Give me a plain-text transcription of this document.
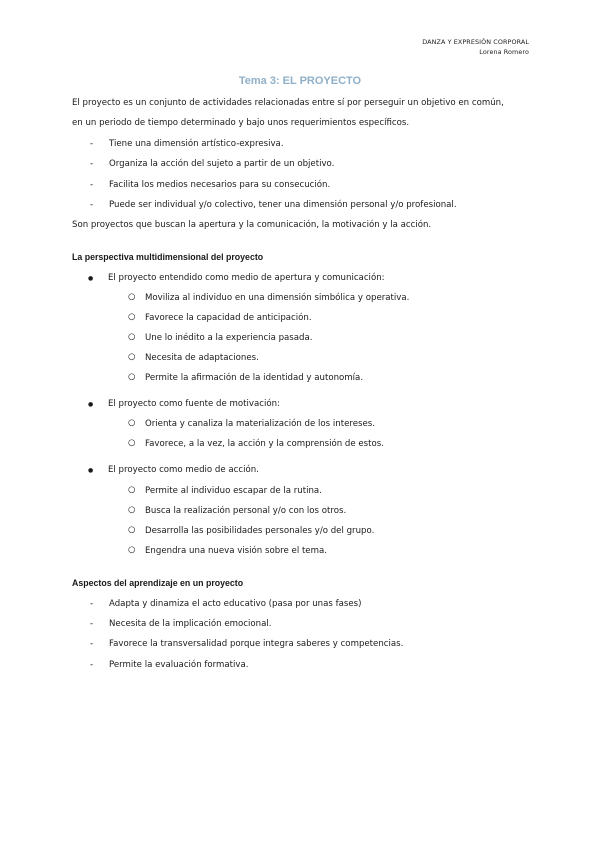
DANZA Y EXPRESIÓN CORPORAL
Lorena Romero
Tema 3: EL PROYECTO
El proyecto es un conjunto de actividades relacionadas entre sí por perseguir un objetivo en común,
en un periodo de tiempo determinado y bajo unos requerimientos específicos.
- Tiene una dimensión artístico-expresiva.
- Organiza la acción del sujeto a partir de un objetivo.
- Facilita los medios necesarios para su consecución.
- Puede ser individual y/o colectivo, tener una dimensión personal y/o profesional.
Son proyectos que buscan la apertura y la comunicación, la motivación y la acción.
La perspectiva multidimensional del proyecto
● El proyecto entendido como medio de apertura y comunicación:
○ Moviliza al individuo en una dimensión simbólica y operativa.
○ Favorece la capacidad de anticipación.
○ Une lo inédito a la experiencia pasada.
○ Necesita de adaptaciones.
○ Permite la afirmación de la identidad y autonomía.
● El proyecto como fuente de motivación:
○ Orienta y canaliza la materialización de los intereses.
○ Favorece, a la vez, la acción y la comprensión de estos.
● El proyecto como medio de acción.
○ Permite al individuo escapar de la rutina.
○ Busca la realización personal y/o con los otros.
○ Desarrolla las posibilidades personales y/o del grupo.
○ Engendra una nueva visión sobre el tema.
Aspectos del aprendizaje en un proyecto
- Adapta y dinamiza el acto educativo (pasa por unas fases)
- Necesita de la implicación emocional.
- Favorece la transversalidad porque integra saberes y competencias.
- Permite la evaluación formativa.
